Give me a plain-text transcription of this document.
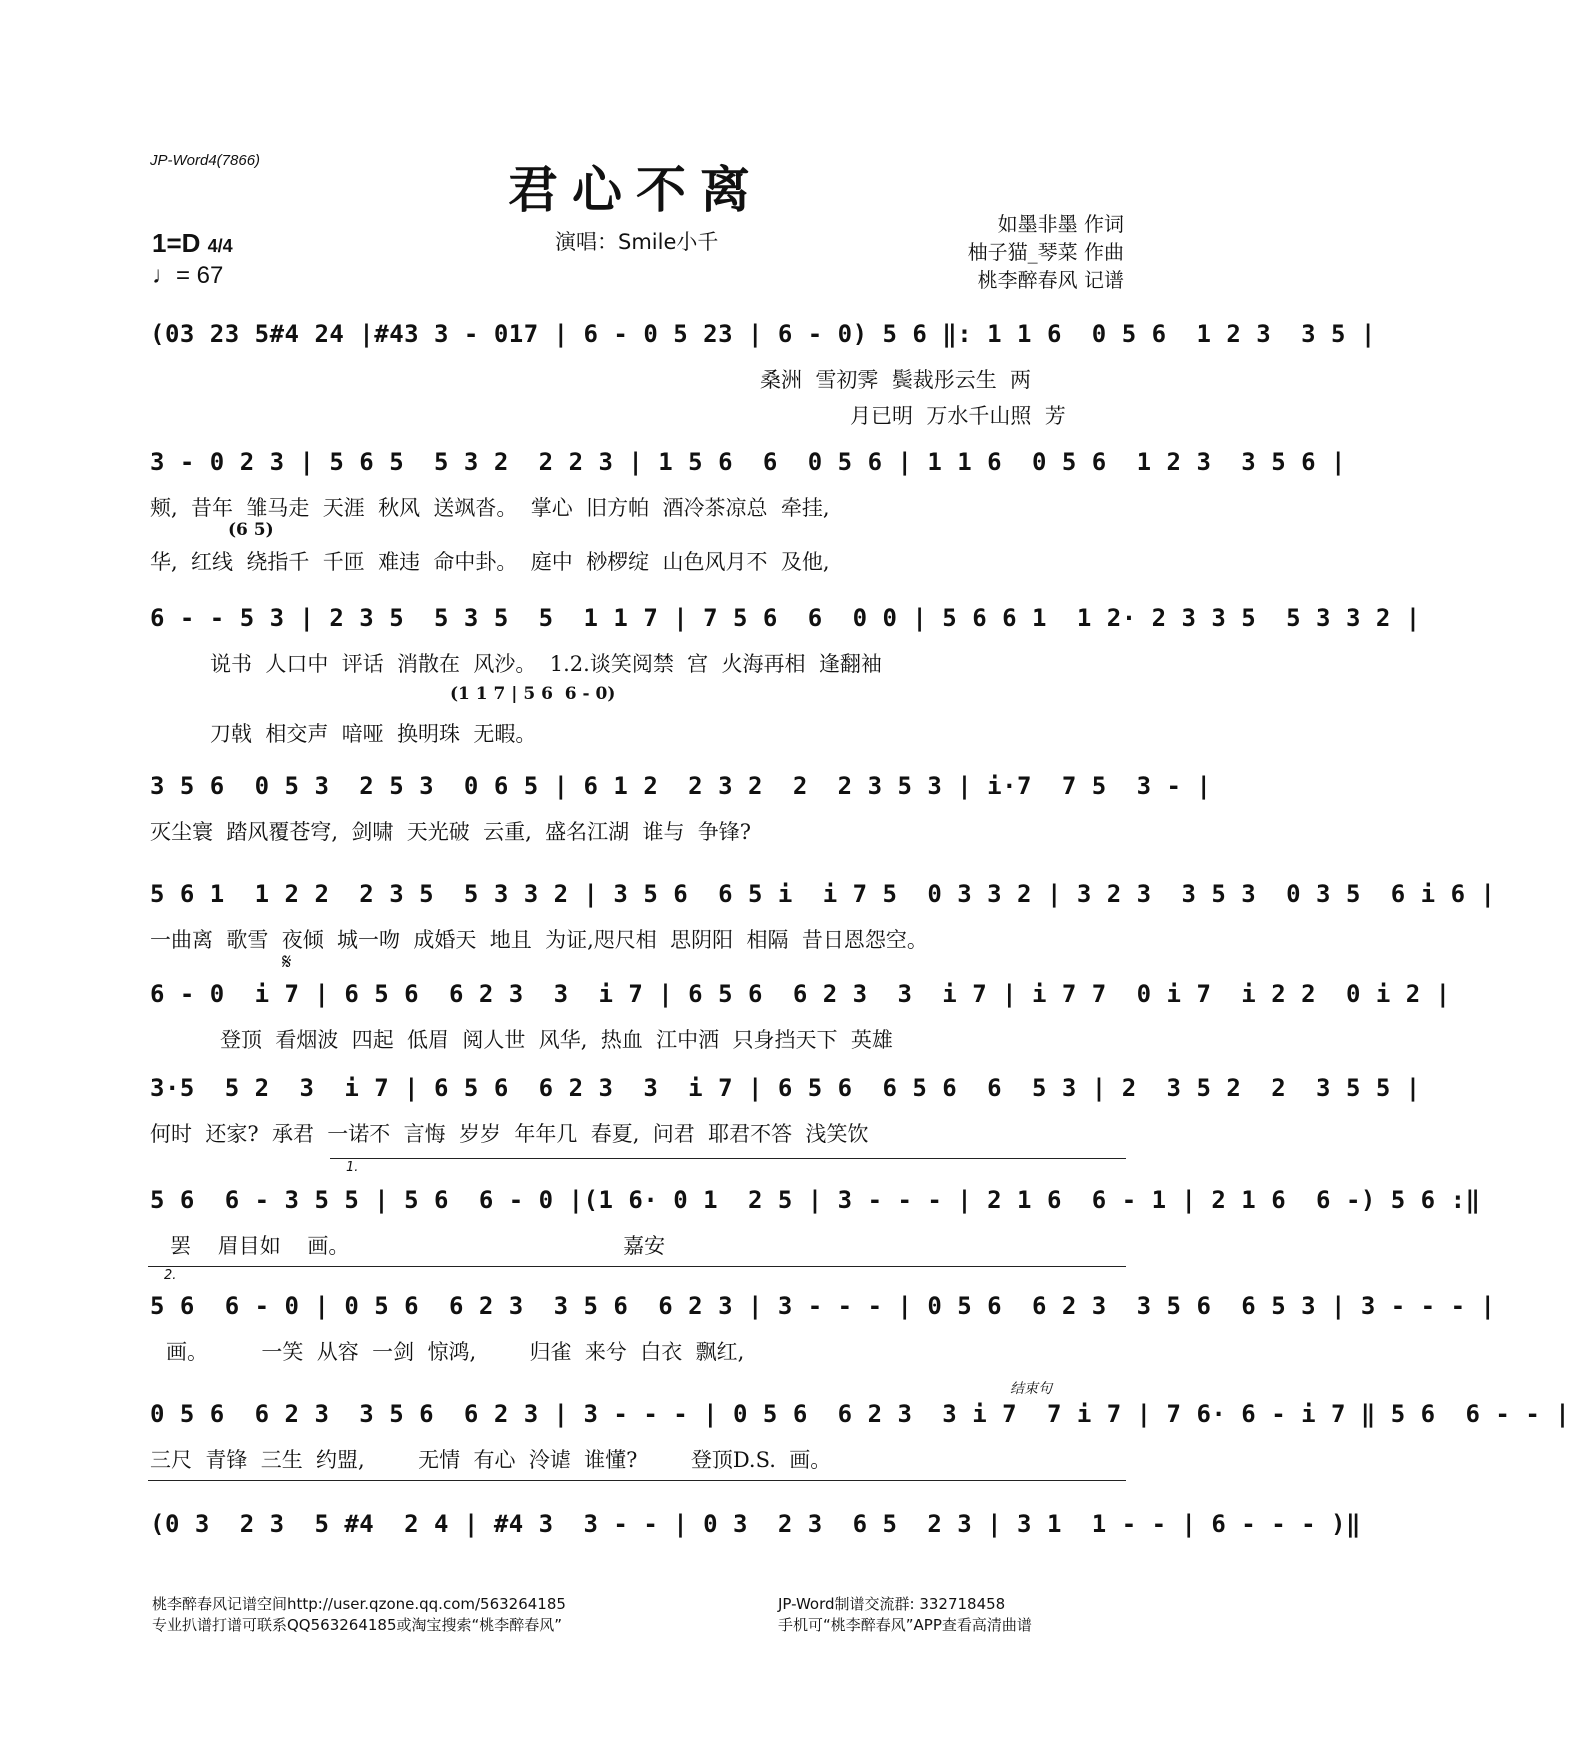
JP-Word4(7866)	君心不离
1=D 4/4
♩= 67
演唱：Smile小千
如墨非墨 作词
柚子猫_琴菜 作曲
桃李醉春风 记谱
(03 23 5#4 24 |#43 3 - 017 | 6 - 0 5 23 | 6 - 0) 5 6 ‖: 1 1 6  0 5 6  1 2 3  3 5 |
桑洲  雪初霁  鬓裁彤云生  两
月已明  万水千山照  芳
3 - 0 2 3 | 5 6 5  5 3 2  2 2 3 | 1 5 6  6  0 5 6 | 1 1 6  0 5 6  1 2 3  3 5 6 |
颊,  昔年  雏马走  天涯  秋风  送飒沓。  掌心  旧方帕  酒冷茶凉总  牵挂,
(6 5)
华,  红线  绕指千  千匝  难违  命中卦。  庭中  桫椤绽  山色风月不  及他,
6 - - 5 3 | 2 3 5  5 3 5  5  1 1 7 | 7 5 6  6  0 0 | 5 6 6 1  1 2· 2 3 3 5  5 3 3 2 |
说书  人口中  评话  消散在  风沙。  1.2.谈笑阅禁  宫  火海再相  逢翻袖
(1 1 7 | 5 6  6 - 0)
刀戟  相交声  喑哑  换明珠  无暇。
3 5 6  0 5 3  2 5 3  0 6 5 | 6 1 2  2 3 2  2  2 3 5 3 | i·7  7 5  3 - |
灭尘寰  踏风覆苍穹,  剑啸  天光破  云重,  盛名江湖  谁与  争锋?
5 6 1  1 2 2  2 3 5  5 3 3 2 | 3 5 6  6 5 i  i 7 5  0 3 3 2 | 3 2 3  3 5 3  0 3 5  6 i 6 |
一曲离  歌雪  夜倾  城一吻  成婚天  地且  为证,咫尺相  思阴阳  相隔  昔日恩怨空。
𝄋
6 - 0  i 7 | 6 5 6  6 2 3  3  i 7 | 6 5 6  6 2 3  3  i 7 | i 7 7  0 i 7  i 2 2  0 i 2 |
登顶  看烟波  四起  低眉  阅人世  风华,  热血  江中洒  只身挡天下  英雄
3·5  5 2  3  i 7 | 6 5 6  6 2 3  3  i 7 | 6 5 6  6 5 6  6  5 3 | 2  3 5 2  2  3 5 5 |
何时  还家?  承君  一诺不  言悔  岁岁  年年几  春夏,  问君  耶君不答  浅笑饮
1.
5 6  6 - 3 5 5 | 5 6  6 - 0 |(1 6· 0 1  2 5 | 3 - - - | 2 1 6  6 - 1 | 2 1 6  6 -) 5 6 :‖
罢    眉目如    画。                                         嘉安
2.
5 6  6 - 0 | 0 5 6  6 2 3  3 5 6  6 2 3 | 3 - - - | 0 5 6  6 2 3  3 5 6  6 5 3 | 3 - - - |
画。        一笑  从容  一剑  惊鸿,        归雀  来兮  白衣  飘红,
结束句
0 5 6  6 2 3  3 5 6  6 2 3 | 3 - - - | 0 5 6  6 2 3  3 i 7  7 i 7 | 7 6· 6 - i 7 ‖ 5 6  6 - - |
三尺  青锋  三生  约盟,        无情  有心  泠谑  谁懂?        登顶D.S.  画。
(0 3  2 3  5 #4  2 4 | #4 3  3 - - | 0 3  2 3  6 5  2 3 | 3 1  1 - - | 6 - - - )‖
桃李醉春风记谱空间http://user.qzone.qq.com/563264185
专业扒谱打谱可联系QQ563264185或淘宝搜索“桃李醉春风”
JP-Word制谱交流群: 332718458
手机可“桃李醉春风”APP查看高清曲谱
